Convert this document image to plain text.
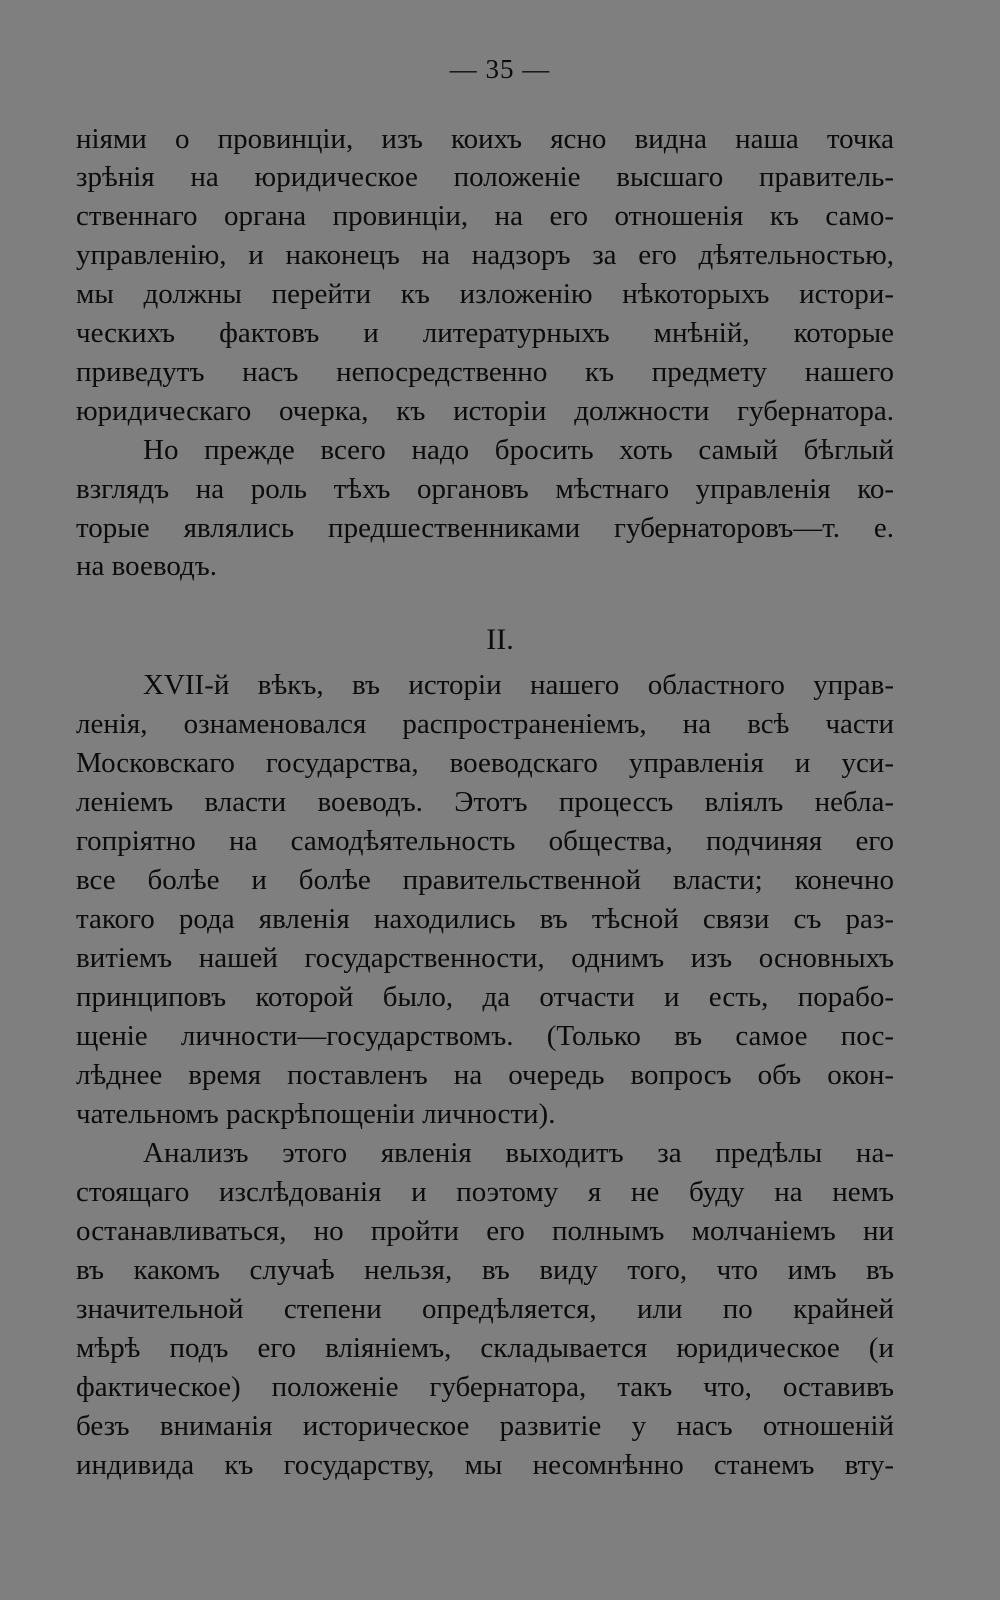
— 35 —
ніями о провинціи, изъ коихъ ясно видна наша точка
зрѣнія на юридическое положеніе высшаго правитель-
ственнаго органа провинціи, на его отношенія къ само-
управленію, и наконецъ на надзоръ за его дѣятельностью,
мы должны перейти къ изложенію нѣкоторыхъ истори-
ческихъ фактовъ и литературныхъ мнѣній, которые
приведутъ насъ непосредственно къ предмету нашего
юридическаго очерка, къ исторіи должности губернатора.
Но прежде всего надо бросить хоть самый бѣглый
взглядъ на роль тѣхъ органовъ мѣстнаго управленія ко-
торые являлись предшественниками губернаторовъ—т. е.
на воеводъ.
II.
XVII-й вѣкъ, въ исторіи нашего областного управ-
ленія, ознаменовался распространеніемъ, на всѣ части
Московскаго государства, воеводскаго управленія и уси-
леніемъ власти воеводъ. Этотъ процессъ вліялъ небла-
гопріятно на самодѣятельность общества, подчиняя его
все болѣе и болѣе правительственной власти; конечно
такого рода явленія находились въ тѣсной связи съ раз-
витіемъ нашей государственности, однимъ изъ основныхъ
принциповъ которой было, да отчасти и есть, порабо-
щеніе личности—государствомъ. (Только въ самое пос-
лѣднее время поставленъ на очередь вопросъ объ окон-
чательномъ раскрѣпощеніи личности).
Анализъ этого явленія выходитъ за предѣлы на-
стоящаго изслѣдованія и поэтому я не буду на немъ
останавливаться, но пройти его полнымъ молчаніемъ ни
въ какомъ случаѣ нельзя, въ виду того, что имъ въ
значительной степени опредѣляется, или по крайней
мѣрѣ подъ его вліяніемъ, складывается юридическое (и
фактическое) положеніе губернатора, такъ что, оставивъ
безъ вниманія историческое развитіе у насъ отношеній
индивида къ государству, мы несомнѣнно станемъ вту-
